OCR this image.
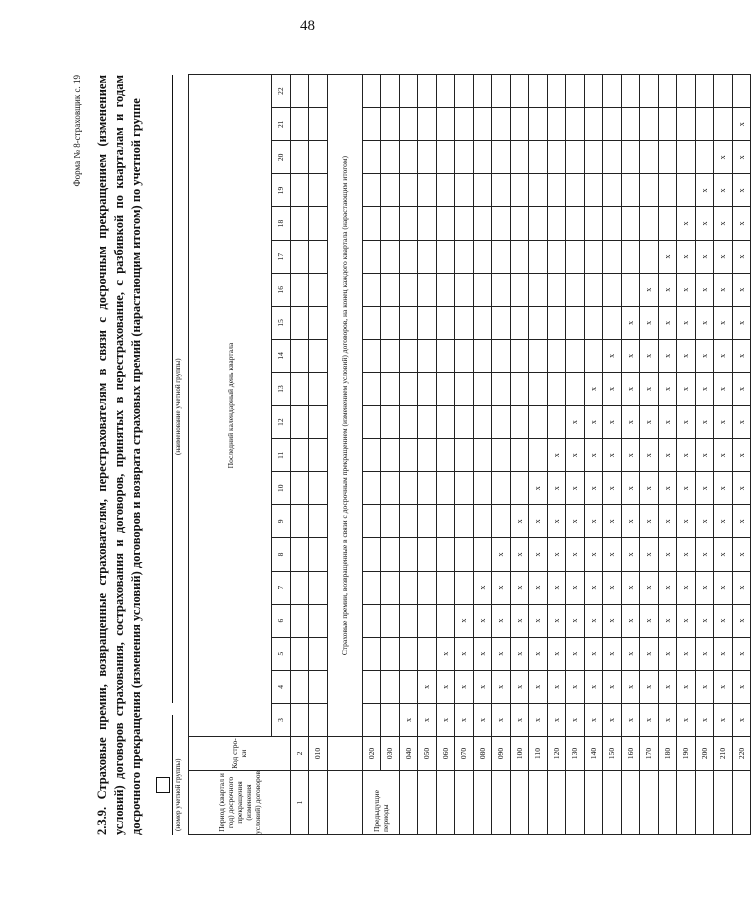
48
Форма № 8-страховщик с. 19 2.3.9. Страховые премии, возвращенные страхователям, перестрахователям в связи с досрочным прекращением (изменением условий) договоров страхования, сострахования и договоров, принятых в перестрахование, с разбивкой по кварталам и годам досрочного прекращения (изменения условий) договоров и возврата страховых премий (нарастающим итогом) по учетной группе	(номер учетной группы)
(наименование учетной группы)
Период (квартал и год) досрочного прекращения (изменения условий) договоров	Код стро-ки	Последний календарный день квартала																			
		3	4	5	6	7	8	9	10	11	12	13	14	15	16	17	18	19	20	21	22
1	2																				
	010																				
		Страховые премии, возвращенные в связи с досрочным прекращением (изменением условий) договоров, на конец каждого квартала (нарастающим итогом)																			
Предыдущие периоды	020																				
	030																				
	040	x																			
	050	x	x																		
	060	x	x	x																	
	070	x	x	x	x																
	080	x	x	x	x	x															
	090	x	x	x	x	x	x														
	100	x	x	x	x	x	x	x													
	110	x	x	x	x	x	x	x	x												
	120	x	x	x	x	x	x	x	x	x											
	130	x	x	x	x	x	x	x	x	x	x										
	140	x	x	x	x	x	x	x	x	x	x	x									
	150	x	x	x	x	x	x	x	x	x	x	x	x								
	160	x	x	x	x	x	x	x	x	x	x	x	x	x							
	170	x	x	x	x	x	x	x	x	x	x	x	x	x	x						
	180	x	x	x	x	x	x	x	x	x	x	x	x	x	x	x					
	190	x	x	x	x	x	x	x	x	x	x	x	x	x	x	x	x				
	200	x	x	x	x	x	x	x	x	x	x	x	x	x	x	x	x	x			
	210	x	x	x	x	x	x	x	x	x	x	x	x	x	x	x	x	x	x		
	220	x	x	x	x	x	x	x	x	x	x	x	x	x	x	x	x	x	x	x	
